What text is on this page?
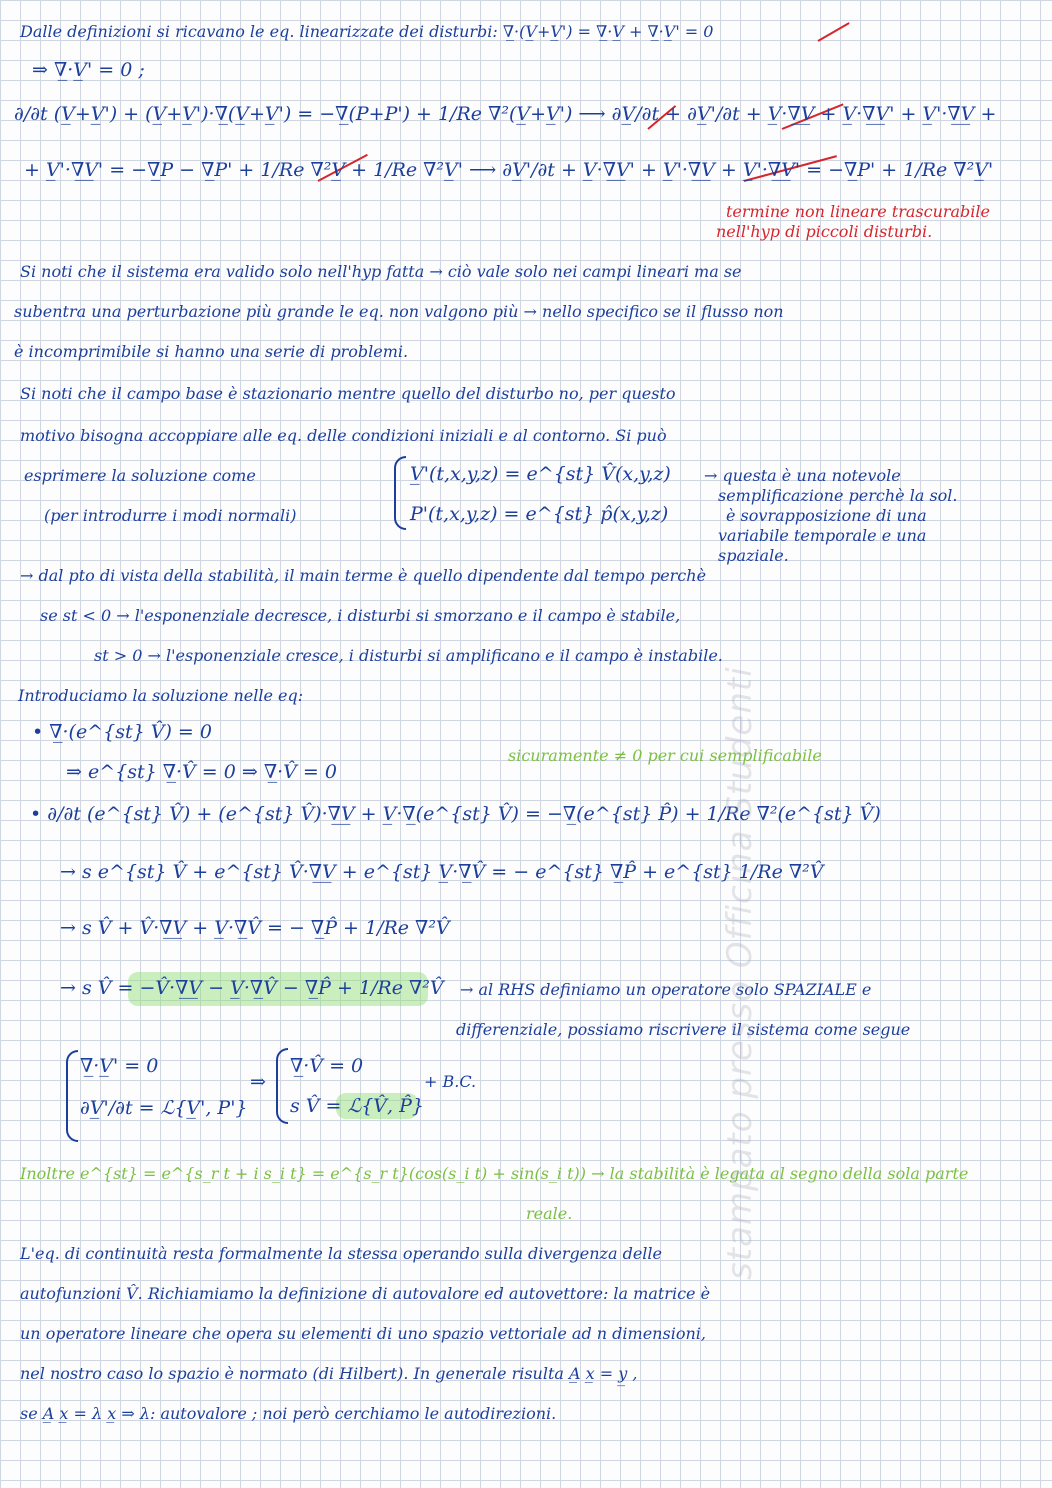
Dalle definizioni si ricavano le eq. linearizzate dei disturbi: ∇̲·(V̲+V̲') = ∇̲·V̲ + ∇̲·V̲' = 0
⇒ ∇̲·V̲' = 0 ;
∂/∂t (V̲+V̲') + (V̲+V̲')·∇̲(V̲+V̲') = −∇̲(P+P') + 1/Re ∇²(V̲+V̲') ⟶ ∂V̲/∂t + ∂V̲'/∂t + V̲·∇̲V̲ + V̲·∇̲V̲' + V̲'·∇̲V̲ +
+ V̲'·∇̲V̲' = −∇̲P − ∇̲P' + 1/Re ∇²V̲ + 1/Re ∇²V̲' ⟶ ∂V̲'/∂t + V̲·∇̲V̲' + V̲'·∇̲V̲ + V̲'·∇̲V̲' = −∇̲P' + 1/Re ∇²V̲'
termine non lineare trascurabile
nell'hyp di piccoli disturbi.
Si noti che il sistema era valido solo nell'hyp fatta → ciò vale solo nei campi lineari ma se
subentra una perturbazione più grande le eq. non valgono più → nello specifico se il flusso non
è incomprimibile si hanno una serie di problemi.
Si noti che il campo base è stazionario mentre quello del disturbo no, per questo
motivo bisogna accoppiare alle eq. delle condizioni iniziali e al contorno. Si può
esprimere la soluzione come
(per introdurre i modi normali)
V̲'(t,x,y,z) = e^{st} V̂(x,y,z)
P'(t,x,y,z) = e^{st} p̂(x,y,z)
→ questa è una notevole
semplificazione perchè la sol.
è sovrapposizione di una
variabile temporale e una
spaziale.
→ dal pto di vista della stabilità, il main terme è quello dipendente dal tempo perchè
se st < 0 → l'esponenziale decresce, i disturbi si smorzano e il campo è stabile,
st > 0 → l'esponenziale cresce, i disturbi si amplificano e il campo è instabile.
Introduciamo la soluzione nelle eq:
• ∇̲·(e^{st} V̂) = 0
⇒ e^{st} ∇̲·V̂ = 0 ⇒ ∇̲·V̂ = 0
sicuramente ≠ 0 per cui semplificabile
• ∂/∂t (e^{st} V̂) + (e^{st} V̂)·∇̲V̲ + V̲·∇̲(e^{st} V̂) = −∇̲(e^{st} P̂) + 1/Re ∇²(e^{st} V̂)
→ s e^{st} V̂ + e^{st} V̂·∇̲V̲ + e^{st} V̲·∇̲V̂ = − e^{st} ∇̲P̂ + e^{st} 1/Re ∇²V̂
→ s V̂ + V̂·∇̲V̲ + V̲·∇̲V̂ = − ∇̲P̂ + 1/Re ∇²V̂
→ s V̂ = −V̂·∇̲V̲ − V̲·∇̲V̂ − ∇̲P̂ + 1/Re ∇²V̂ → al RHS definiamo un operatore solo SPAZIALE e
differenziale, possiamo riscrivere il sistema come segue
∇̲·V̲' = 0
∂V̲'/∂t = ℒ{V̲', P'}
⇒
∇̲·V̂ = 0
s V̂ = ℒ{V̂, P̂}
+ B.C.
Inoltre e^{st} = e^{s_r t + i s_i t} = e^{s_r t}(cos(s_i t) + sin(s_i t)) → la stabilità è legata al segno della sola parte
reale.
L'eq. di continuità resta formalmente la stessa operando sulla divergenza delle
autofunzioni V̂. Richiamiamo la definizione di autovalore ed autovettore: la matrice è
un operatore lineare che opera su elementi di uno spazio vettoriale ad n dimensioni,
nel nostro caso lo spazio è normato (di Hilbert). In generale risulta A̲ x̲ = y̲ ,
se A̲ x̲ = λ x̲ ⇒ λ: autovalore ; noi però cerchiamo le autodirezioni.
stampato presso Officina Studenti
